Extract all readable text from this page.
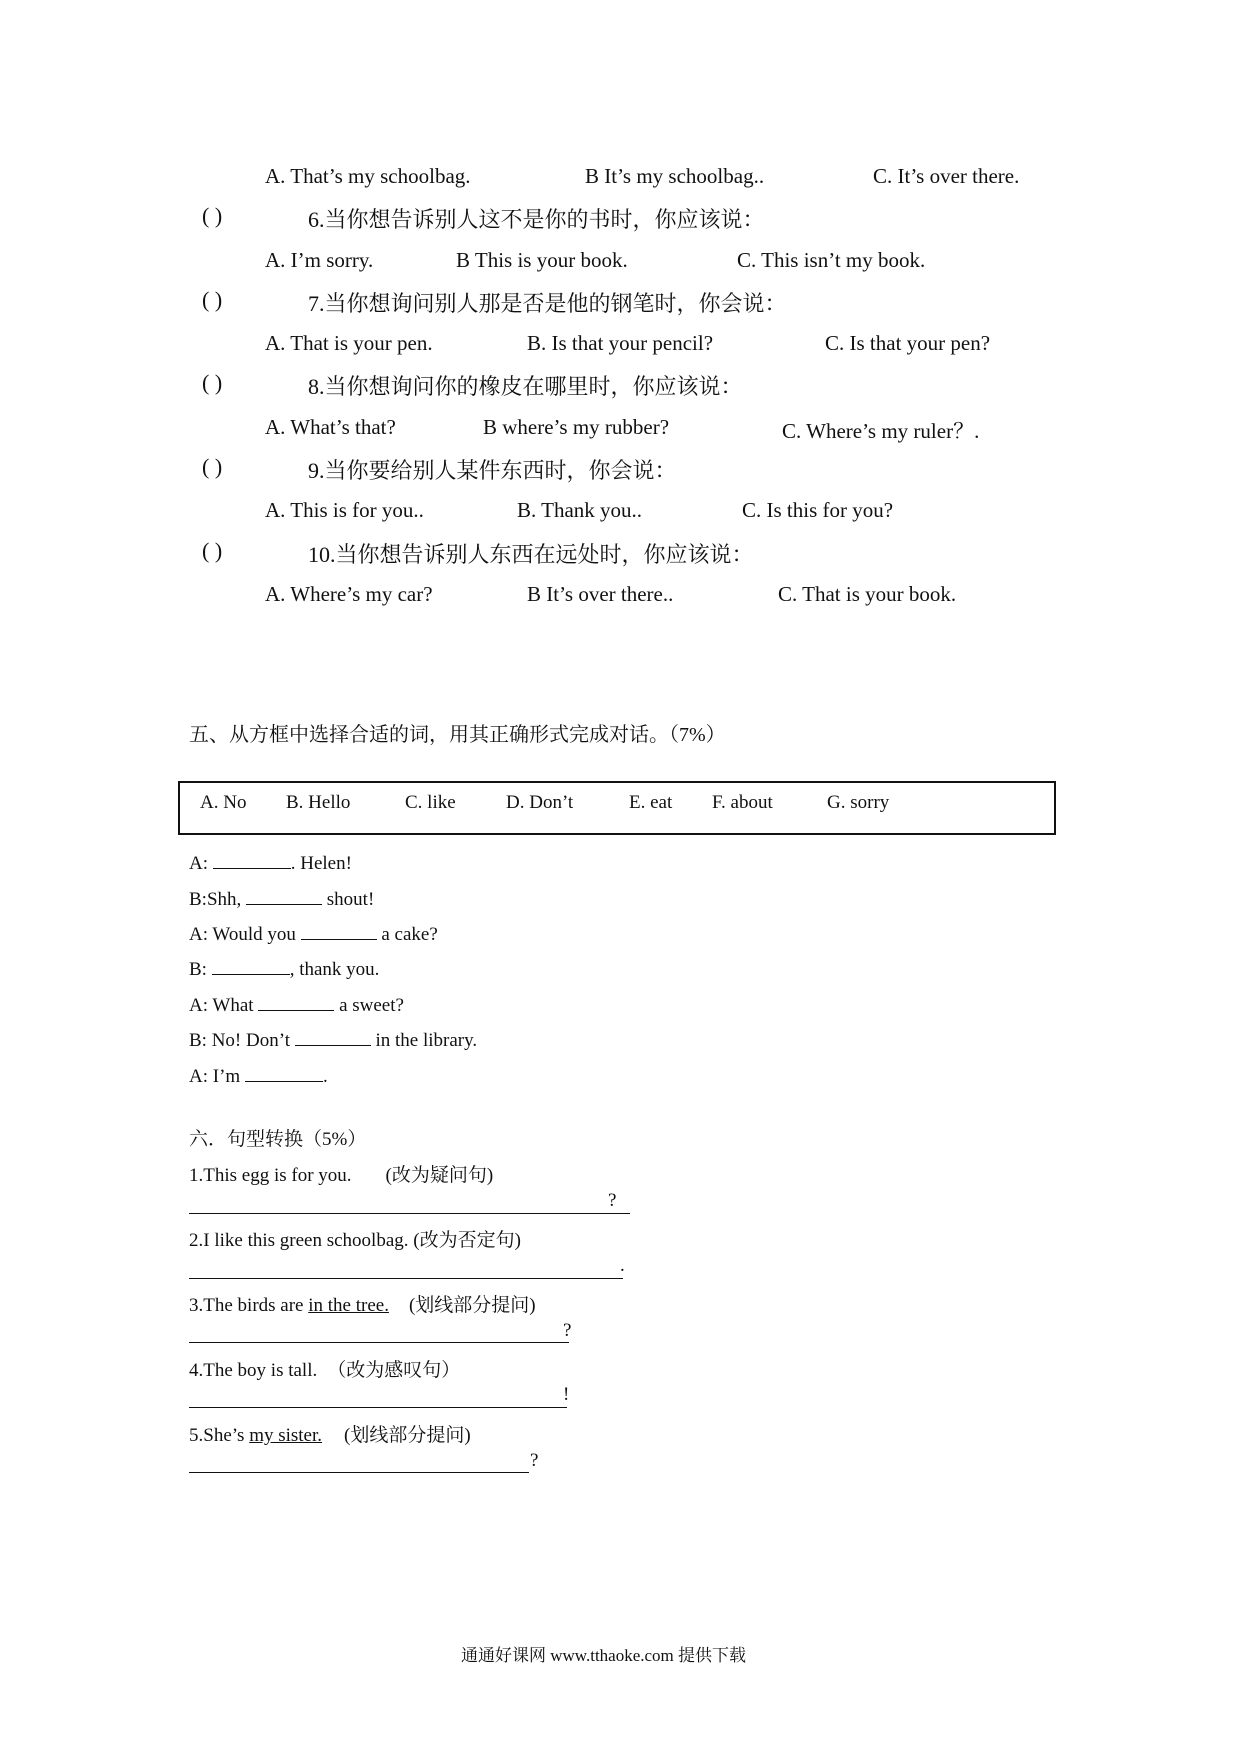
A. That’s my schoolbag.	B It’s my schoolbag..	C. It’s over there.
( )	6.当你想告诉别人这不是你的书时，你应该说：
A. I’m sorry.	B This is your book.	C. This isn’t my book.
( )	7.当你想询问别人那是否是他的钢笔时，你会说：
A. That is your pen.	B. Is that your pencil?	C. Is that your pen?
( )	8.当你想询问你的橡皮在哪里时，你应该说：
A. What’s that?	B where’s my rubber?	C. Where’s my ruler？.
( )	9.当你要给别人某件东西时，你会说：
A. This is for you..	B. Thank you..	C. Is this for you?
( )	10.当你想告诉别人东西在远处时，你应该说：
A. Where’s my car?	B It’s over there..	C. That is your book.
五、从方框中选择合适的词，用其正确形式完成对话。（7%）
A. No B. Hello	C. like	D. Don’t	E. eat F. about	G. sorry
A:	. Helen!
B:Shh,	shout!
A: Would you	a cake?
B:	, thank you.
A: What	a sweet?
B: No! Don’t	in the library.
A: I’m	.
六．句型转换（5%）
1.This egg is for you. (改为疑问句)
?
2.I like this green schoolbag. (改为否定句)
.
3.The birds are in the tree. (划线部分提问)
?
4.The boy is tall. （改为感叹句）
!
5.She’s my sister. (划线部分提问)
?
通通好课网 www.tthaoke.com 提供下载
